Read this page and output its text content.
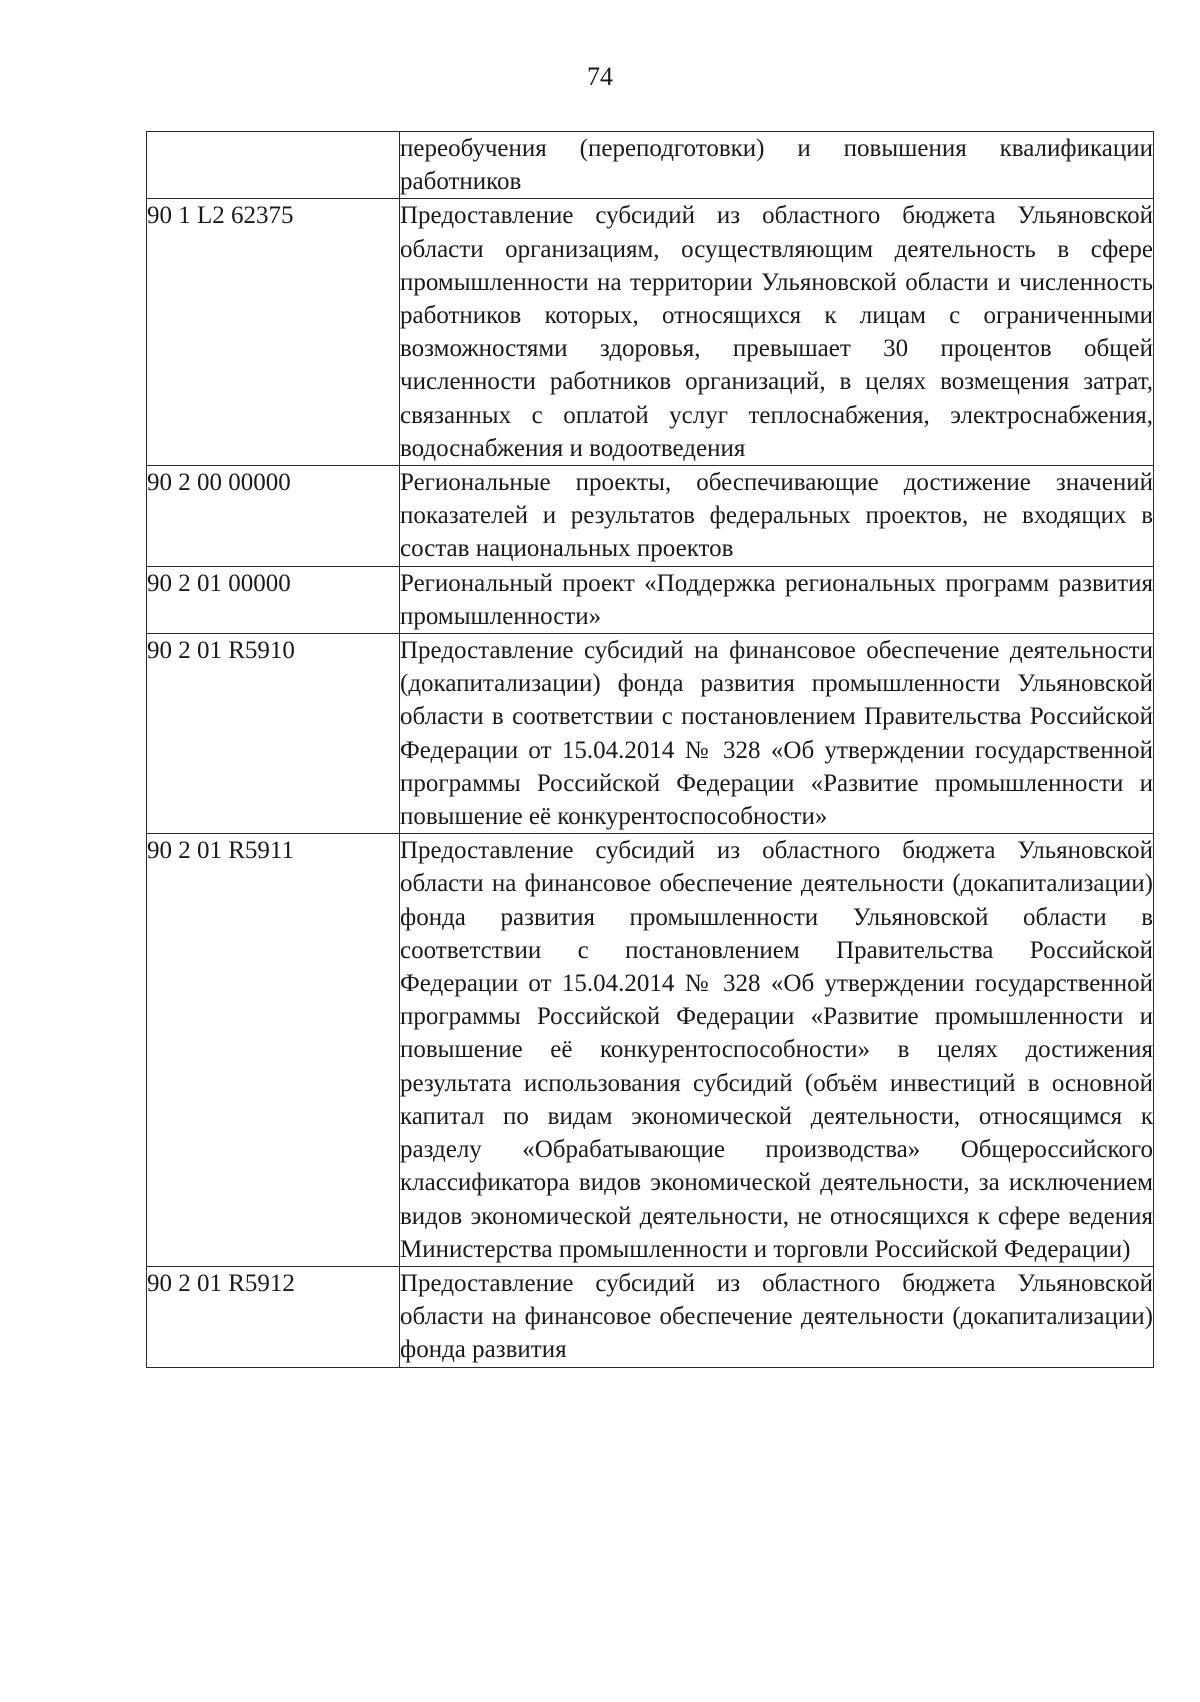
74
	переобучения (переподготовки) и повышения квалификации работников
90 1 L2 62375	Предоставление субсидий из областного бюджета Ульяновской области организациям, осуществляющим деятельность в сфере промышленности на территории Ульяновской области и численность работников которых, относящихся к лицам с ограниченными возможностями здоровья, превышает 30 процентов общей численности работников организаций, в целях возмещения затрат, связанных с оплатой услуг теплоснабжения, электроснабжения, водоснабжения и водоотведения
90 2 00 00000	Региональные проекты, обеспечивающие достижение значений показателей и результатов федеральных проектов, не входящих в состав национальных проектов
90 2 01 00000	Региональный проект «Поддержка региональных программ развития промышленности»
90 2 01 R5910	Предоставление субсидий на финансовое обеспечение деятельности (докапитализации) фонда развития промышленности Ульяновской области в соответствии с постановлением Правительства Российской Федерации от 15.04.2014 № 328 «Об утверждении государственной программы Российской Федерации «Развитие промышленности и повышение её конкурентоспособности»
90 2 01 R5911	Предоставление субсидий из областного бюджета Ульяновской области на финансовое обеспечение деятельности (докапитализации) фонда развития промышленности Ульяновской области в соответствии с постановлением Правительства Российской Федерации от 15.04.2014 № 328 «Об утверждении государственной программы Российской Федерации «Развитие промышленности и повышение её конкурентоспособности» в целях достижения результата использования субсидий (объём инвестиций в основной капитал по видам экономической деятельности, относящимся к разделу «Обрабатывающие производства» Общероссийского классификатора видов экономической деятельности, за исключением видов экономической деятельности, не относящихся к сфере ведения Министерства промышленности и торговли Российской Федерации)
90 2 01 R5912	Предоставление субсидий из областного бюджета Ульяновской области на финансовое обеспечение деятельности (докапитализации) фонда развития
